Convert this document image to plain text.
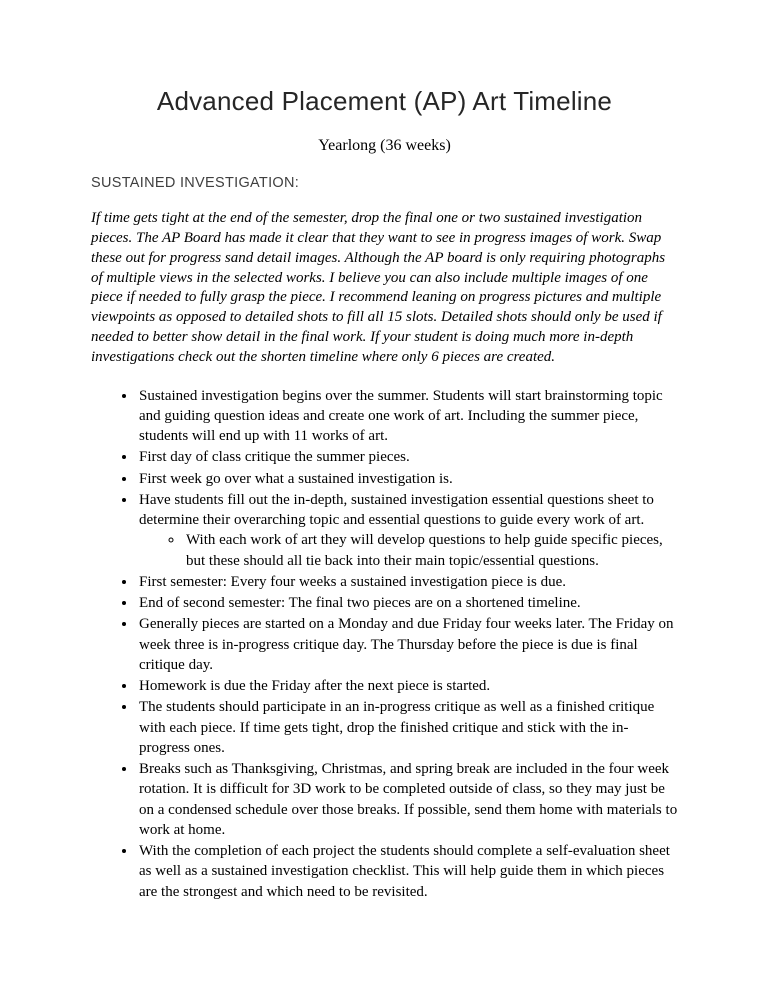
Advanced Placement (AP) Art Timeline

Yearlong (36 weeks)

SUSTAINED INVESTIGATION:

If time gets tight at the end of the semester, drop the final one or two sustained investigation pieces. The AP Board has made it clear that they want to see in progress images of work. Swap these out for progress sand detail images. Although the AP board is only requiring photographs of multiple views in the selected works. I believe you can also include multiple images of one piece if needed to fully grasp the piece. I recommend leaning on progress pictures and multiple viewpoints as opposed to detailed shots to fill all 15 slots. Detailed shots should only be used if needed to better show detail in the final work. If your student is doing much more in-depth investigations check out the shorten timeline where only 6 pieces are created.

• Sustained investigation begins over the summer. Students will start brainstorming topic and guiding question ideas and create one work of art. Including the summer piece, students will end up with 11 works of art.
• First day of class critique the summer pieces.
• First week go over what a sustained investigation is.
• Have students fill out the in-depth, sustained investigation essential questions sheet to determine their overarching topic and essential questions to guide every work of art.
◦ With each work of art they will develop questions to help guide specific pieces, but these should all tie back into their main topic/essential questions.
• First semester: Every four weeks a sustained investigation piece is due.
• End of second semester: The final two pieces are on a shortened timeline.
• Generally pieces are started on a Monday and due Friday four weeks later. The Friday on week three is in-progress critique day. The Thursday before the piece is due is final critique day.
• Homework is due the Friday after the next piece is started.
• The students should participate in an in-progress critique as well as a finished critique with each piece. If time gets tight, drop the finished critique and stick with the in-progress ones.
• Breaks such as Thanksgiving, Christmas, and spring break are included in the four week rotation. It is difficult for 3D work to be completed outside of class, so they may just be on a condensed schedule over those breaks. If possible, send them home with materials to work at home.
• With the completion of each project the students should complete a self-evaluation sheet as well as a sustained investigation checklist. This will help guide them in which pieces are the strongest and which need to be revisited.
